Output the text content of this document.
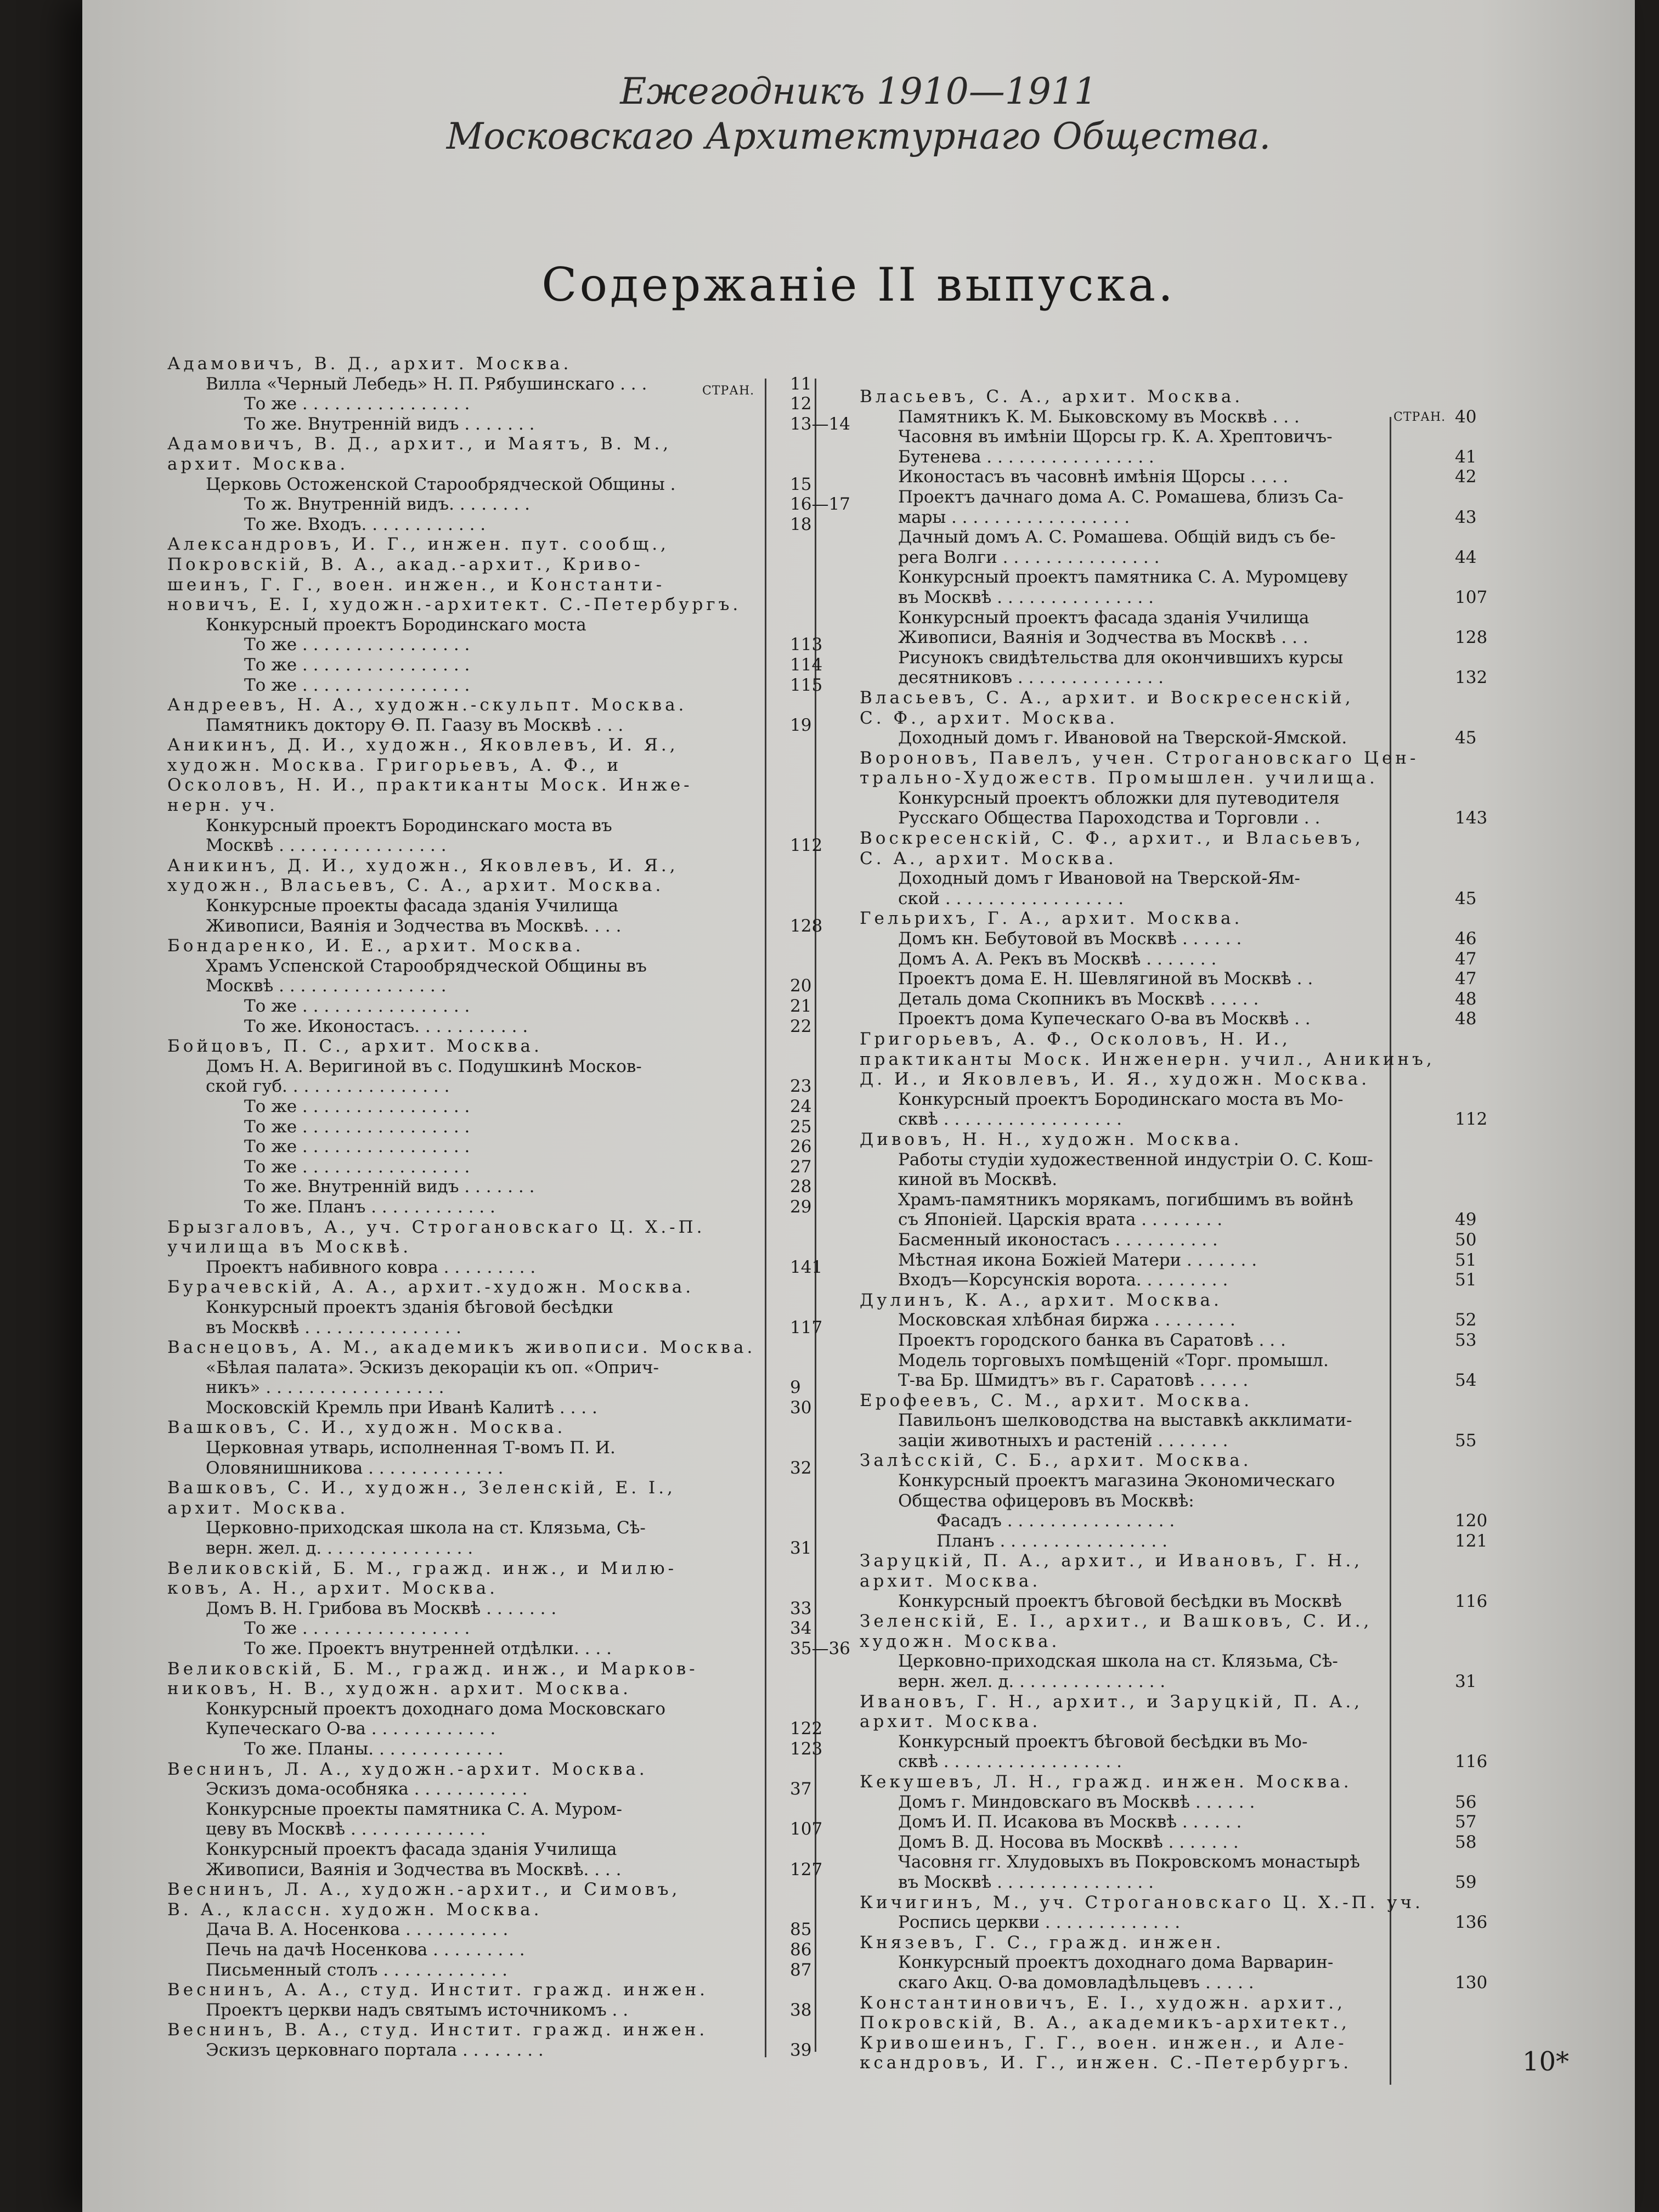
Ежегодникъ 1910—1911
Московскаго Архитектурнаго Общества.
Содержаніе II выпуска.
СТРАН.
СТРАН.
Адамовичъ, В. Д., архит. Москва.
Вилла «Черный Лебедь» Н. П. Рябушинскаго . . .	11
То же . . . . . . . . . . . . . . . .	12
То же. Внутренній видъ . . . . . . .	13—14
Адамовичъ, В. Д., архит., и Маятъ, В. М.,
архит. Москва.
Церковь Остоженской Старообрядческой Общины .	15
То ж. Внутренній видъ. . . . . . . .	16—17
То же. Входъ. . . . . . . . . . . .	18
Александровъ, И. Г., инжен. пут. сообщ.,
Покровскій, В. А., акад.-архит., Криво-
шеинъ, Г. Г., воен. инжен., и Константи-
новичъ, Е. І, художн.-архитект. С.-Петербургъ.
Конкурсный проектъ Бородинскаго моста
То же . . . . . . . . . . . . . . . .	113
То же . . . . . . . . . . . . . . . .	114
То же . . . . . . . . . . . . . . . .	115
Андреевъ, Н. А., художн.-скульпт. Москва.
Памятникъ доктору Ѳ. П. Гаазу въ Москвѣ . . .	19
Аникинъ, Д. И., художн., Яковлевъ, И. Я.,
художн. Москва. Григорьевъ, А. Ф., и
Осколовъ, Н. И., практиканты Моск. Инже-
нерн. уч.
Конкурсный проектъ Бородинскаго моста въ
Москвѣ . . . . . . . . . . . . . . . .	112
Аникинъ, Д. И., художн., Яковлевъ, И. Я.,
художн., Власьевъ, С. А., архит. Москва.
Конкурсные проекты фасада зданія Училища
Живописи, Ваянія и Зодчества въ Москвѣ. . . .	128
Бондаренко, И. Е., архит. Москва.
Храмъ Успенской Старообрядческой Общины въ
Москвѣ . . . . . . . . . . . . . . . .	20
То же . . . . . . . . . . . . . . . .	21
То же. Иконостасъ. . . . . . . . . . .	22
Бойцовъ, П. С., архит. Москва.
Домъ Н. А. Веригиной въ с. Подушкинѣ Москов-
ской губ. . . . . . . . . . . . . . . .	23
То же . . . . . . . . . . . . . . . .	24
То же . . . . . . . . . . . . . . . .	25
То же . . . . . . . . . . . . . . . .	26
То же . . . . . . . . . . . . . . . .	27
То же. Внутренній видъ . . . . . . .	28
То же. Планъ . . . . . . . . . . . .	29
Брызгаловъ, А., уч. Строгановскаго Ц. Х.-П.
училища въ Москвѣ.
Проектъ набивного ковра . . . . . . . . .	141
Бурачевскій, А. А., архит.-художн. Москва.
Конкурсный проектъ зданія бѣговой бесѣдки
въ Москвѣ . . . . . . . . . . . . . . .	117
Васнецовъ, А. М., академикъ живописи. Москва.
«Бѣлая палата». Эскизъ декорацiи къ оп. «Оприч-
никъ» . . . . . . . . . . . . . . . . .	9
Московскій Кремль при Иванѣ Калитѣ . . . .	30
Вашковъ, С. И., художн. Москва.
Церковная утварь, исполненная Т-вомъ П. И.
Оловянишникова . . . . . . . . . . . . .	32
Вашковъ, С. И., художн., Зеленскій, Е. І.,
архит. Москва.
Церковно-приходская школа на ст. Клязьма, Сѣ-
верн. жел. д. . . . . . . . . . . . . . .	31
Великовскій, Б. М., гражд. инж., и Милю-
ковъ, А. Н., архит. Москва.
Домъ В. Н. Грибова въ Москвѣ . . . . . . .	33
То же . . . . . . . . . . . . . . . .	34
То же. Проектъ внутренней отдѣлки. . . .	35—36
Великовскій, Б. М., гражд. инж., и Марков-
никовъ, Н. В., художн. архит. Москва.
Конкурсный проектъ доходнаго дома Московскаго
Купеческаго О-ва . . . . . . . . . . . .	122
То же. Планы. . . . . . . . . . . . .	123
Веснинъ, Л. А., художн.-архит. Москва.
Эскизъ дома-особняка . . . . . . . . . . .	37
Конкурсные проекты памятника С. А. Муром-
цеву въ Москвѣ . . . . . . . . . . . . .	107
Конкурсный проектъ фасада зданія Училища
Живописи, Ваянія и Зодчества въ Москвѣ. . . .	127
Веснинъ, Л. А., художн.-архит., и Симовъ,
В. А., классн. художн. Москва.
Дача В. А. Носенкова . . . . . . . . . .	85
Печь на дачѣ Носенкова . . . . . . . . .	86
Письменный столъ . . . . . . . . . . . .	87
Веснинъ, А. А., студ. Инстит. гражд. инжен.
Проектъ церкви надъ святымъ источникомъ . .	38
Веснинъ, В. А., студ. Инстит. гражд. инжен.
Эскизъ церковнаго портала . . . . . . . .	39
Власьевъ, С. А., архит. Москва.
Памятникъ К. М. Быковскому въ Москвѣ . . .	40
Часовня въ имѣніи Щорсы гр. К. А. Хрептовичъ-
Бутенева . . . . . . . . . . . . . . . .	41
Иконостасъ въ часовнѣ имѣнія Щорсы . . . .	42
Проектъ дачнаго дома А. С. Ромашева, близъ Са-
мары . . . . . . . . . . . . . . . . .	43
Дачный домъ А. С. Ромашева. Общій видъ съ бе-
рега Волги . . . . . . . . . . . . . . .	44
Конкурсный проектъ памятника С. А. Муромцеву
въ Москвѣ . . . . . . . . . . . . . . .	107
Конкурсный проектъ фасада зданія Училища
Живописи, Ваянія и Зодчества въ Москвѣ . . .	128
Рисунокъ свидѣтельства для окончившихъ курсы
десятниковъ . . . . . . . . . . . . . .	132
Власьевъ, С. А., архит. и Воскресенскій,
С. Ф., архит. Москва.
Доходный домъ г. Ивановой на Тверской-Ямской.	45
Вороновъ, Павелъ, учен. Строгановскаго Цен-
трально-Художеств. Промышлен. училища.
Конкурсный проектъ обложки для путеводителя
Русскаго Общества Пароходства и Торговли . .	143
Воскресенскій, С. Ф., архит., и Власьевъ,
С. А., архит. Москва.
Доходный домъ г Ивановой на Тверской-Ям-
ской . . . . . . . . . . . . . . . . .	45
Гельрихъ, Г. А., архит. Москва.
Домъ кн. Бебутовой въ Москвѣ . . . . . .	46
Домъ А. А. Рекъ въ Москвѣ . . . . . . .	47
Проектъ дома Е. Н. Шевлягиной въ Москвѣ . .	47
Деталь дома Скопникъ въ Москвѣ . . . . .	48
Проектъ дома Купеческаго О-ва въ Москвѣ . .	48
Григорьевъ, А. Ф., Осколовъ, Н. И.,
практиканты Моск. Инженерн. учил., Аникинъ,
Д. И., и Яковлевъ, И. Я., художн. Москва.
Конкурсный проектъ Бородинскаго моста въ Мо-
сквѣ . . . . . . . . . . . . . . . . .	112
Дивовъ, Н. Н., художн. Москва.
Работы студіи художественной индустріи О. С. Кош-
киной въ Москвѣ.
Храмъ-памятникъ морякамъ, погибшимъ въ войнѣ
съ Японіей. Царскія врата . . . . . . . .	49
Басменный иконостасъ . . . . . . . . . .	50
Мѣстная икона Божіей Матери . . . . . . .	51
Входъ—Корсунскія ворота. . . . . . . . .	51
Дулинъ, К. А., архит. Москва.
Московская хлѣбная биржа . . . . . . . .	52
Проектъ городского банка въ Саратовѣ . . .	53
Модель торговыхъ помѣщеній «Торг. промышл.
Т-ва Бр. Шмидтъ» въ г. Саратовѣ . . . . .	54
Ерофеевъ, С. М., архит. Москва.
Павильонъ шелководства на выставкѣ акклимати-
заціи животныхъ и растеній . . . . . . .	55
Залѣсскій, С. Б., архит. Москва.
Конкурсный проектъ магазина Экономическаго
Общества офицеровъ въ Москвѣ:
Фасадъ . . . . . . . . . . . . . . . .	120
Планъ . . . . . . . . . . . . . . . .	121
Заруцкій, П. А., архит., и Ивановъ, Г. Н.,
архит. Москва.
Конкурсный проектъ бѣговой бесѣдки въ Москвѣ	116
Зеленскій, Е. І., архит., и Вашковъ, С. И.,
художн. Москва.
Церковно-приходская школа на ст. Клязьма, Сѣ-
верн. жел. д. . . . . . . . . . . . . . .	31
Ивановъ, Г. Н., архит., и Заруцкій, П. А.,
архит. Москва.
Конкурсный проектъ бѣговой бесѣдки въ Мо-
сквѣ . . . . . . . . . . . . . . . . .	116
Кекушевъ, Л. Н., гражд. инжен. Москва.
Домъ г. Миндовскаго въ Москвѣ . . . . . .	56
Домъ И. П. Исакова въ Москвѣ . . . . . .	57
Домъ В. Д. Носова въ Москвѣ . . . . . . .	58
Часовня гг. Хлудовыхъ въ Покровскомъ монастырѣ
въ Москвѣ . . . . . . . . . . . . . . .	59
Кичигинъ, М., уч. Строгановскаго Ц. Х.-П. уч.
Роспись церкви . . . . . . . . . . . . .	136
Князевъ, Г. С., гражд. инжен.
Конкурсный проектъ доходнаго дома Варварин-
скаго Акц. О-ва домовладѣльцевъ . . . . .	130
Константиновичъ, Е. І., художн. архит.,
Покровскій, В. А., академикъ-архитект.,
Кривошеинъ, Г. Г., воен. инжен., и Але-
ксандровъ, И. Г., инжен. С.-Петербургъ.	10*
